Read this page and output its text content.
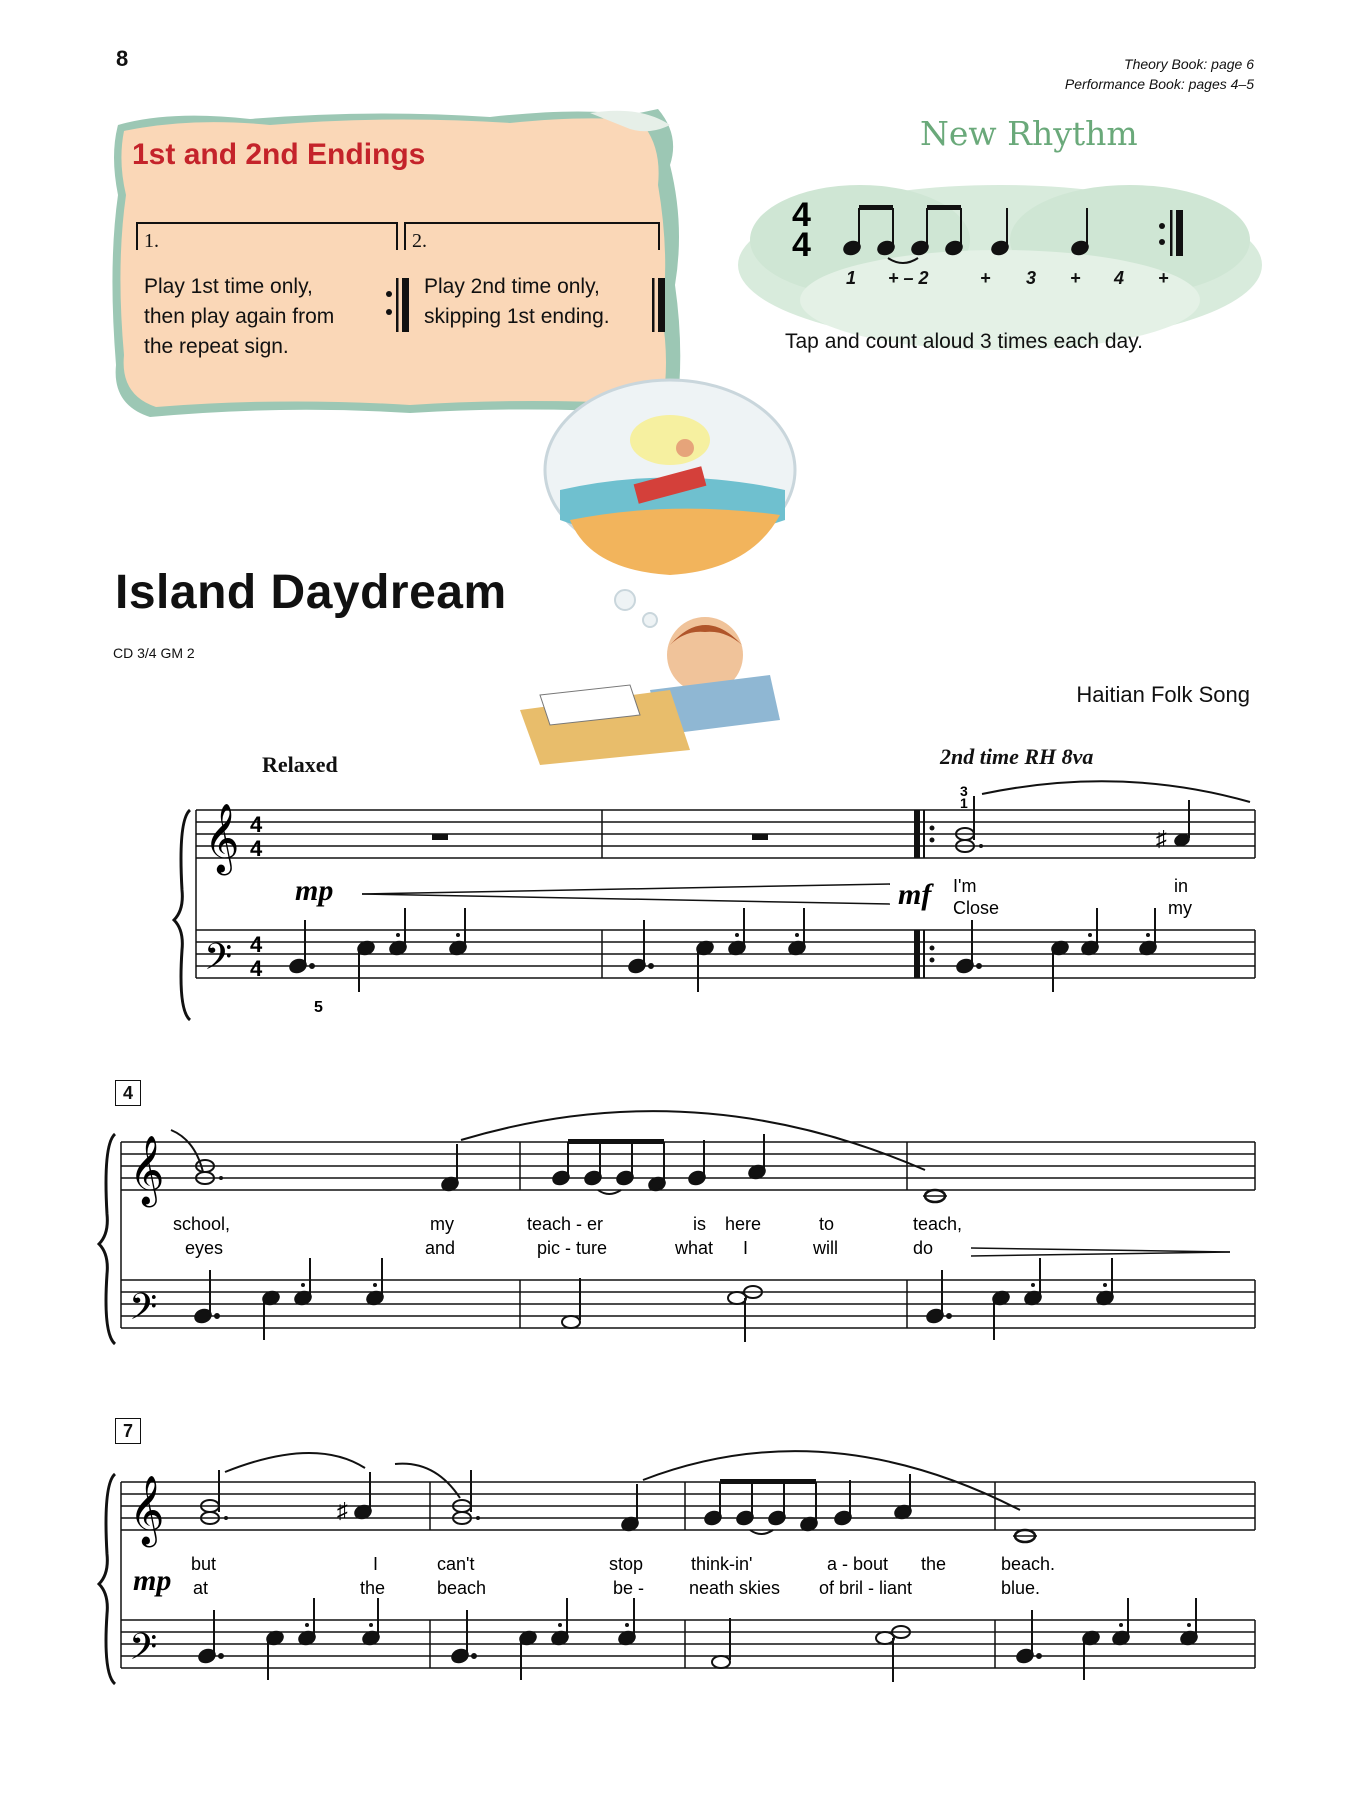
8	Theory Book: page 6
Performance Book: pages 4–5
1st and 2nd Endings
1.	2.
Play 1st time only,
then play again from
the repeat sign.
Play 2nd time only,
skipping 1st ending.
New Rhythm
4
4
1 + – 2	+ 3 + 4 +
Tap and count aloud 3 times each day.
Island Daydream
CD 3/4 GM 2
Haitian Folk Song
Relaxed	2nd time RH 8va
𝄞
𝄢
4
4
4
4
mp	mf
♯
3
1
5
I'm	in
Close	my
4
𝄞
𝄢
school,	my	teach - er	is here	to	teach,
eyes	and	pic - ture	what I	will	do
7
𝄞
𝄢
mp
♯
but	I	can't	stop	think-in'	a - bout the	beach.
at	the	beach	be - neath skies of bril - liant	blue.
